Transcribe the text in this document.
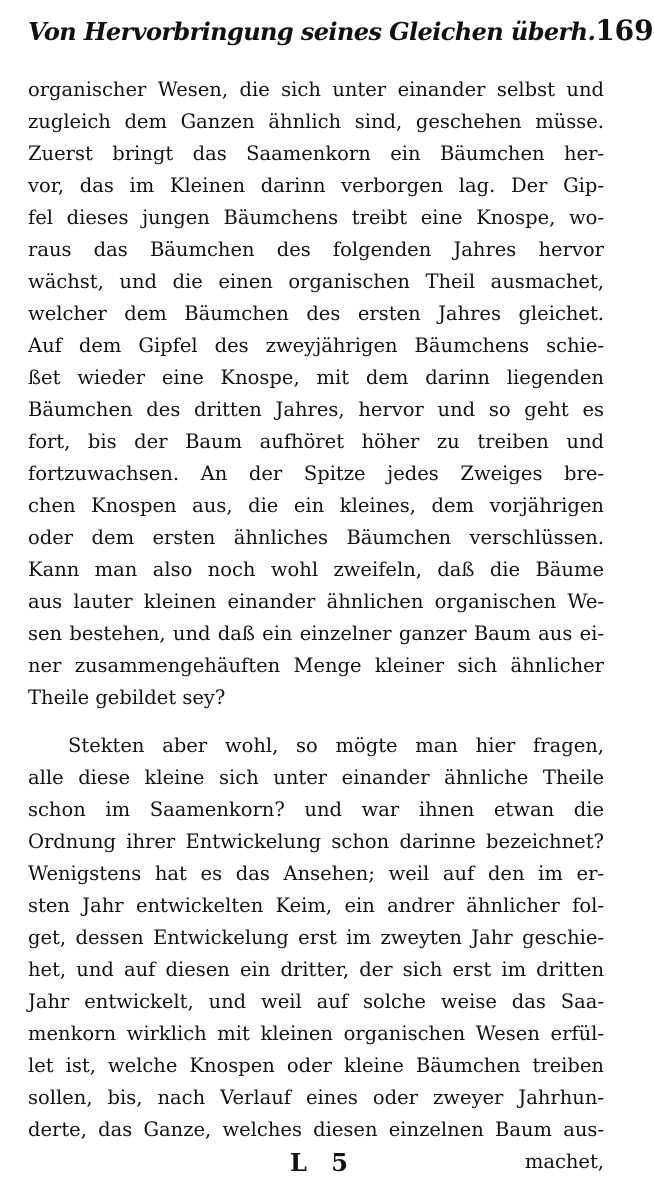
Von Hervorbringung seines Gleichen überh. 169
organischer Wesen, die sich unter einander selbst und
zugleich dem Ganzen ähnlich sind, geschehen müsse.
Zuerst bringt das Saamenkorn ein Bäumchen her-
vor, das im Kleinen darinn verborgen lag. Der Gip-
fel dieses jungen Bäumchens treibt eine Knospe, wo-
raus das Bäumchen des folgenden Jahres hervor
wächst, und die einen organischen Theil ausmachet,
welcher dem Bäumchen des ersten Jahres gleichet.
Auf dem Gipfel des zweyjährigen Bäumchens schie-
ßet wieder eine Knospe, mit dem darinn liegenden
Bäumchen des dritten Jahres, hervor und so geht es
fort, bis der Baum aufhöret höher zu treiben und
fortzuwachsen. An der Spitze jedes Zweiges bre-
chen Knospen aus, die ein kleines, dem vorjährigen
oder dem ersten ähnliches Bäumchen verschlüssen.
Kann man also noch wohl zweifeln, daß die Bäume
aus lauter kleinen einander ähnlichen organischen We-
sen bestehen, und daß ein einzelner ganzer Baum aus ei-
ner zusammengehäuften Menge kleiner sich ähnlicher
Theile gebildet sey?
Stekten aber wohl, so mögte man hier fragen,
alle diese kleine sich unter einander ähnliche Theile
schon im Saamenkorn? und war ihnen etwan die
Ordnung ihrer Entwickelung schon darinne bezeichnet?
Wenigstens hat es das Ansehen; weil auf den im er-
sten Jahr entwickelten Keim, ein andrer ähnlicher fol-
get, dessen Entwickelung erst im zweyten Jahr geschie-
het, und auf diesen ein dritter, der sich erst im dritten
Jahr entwickelt, und weil auf solche weise das Saa-
menkorn wirklich mit kleinen organischen Wesen erfül-
let ist, welche Knospen oder kleine Bäumchen treiben
sollen, bis, nach Verlauf eines oder zweyer Jahrhun-
derte, das Ganze, welches diesen einzelnen Baum aus-
L 5	machet,
